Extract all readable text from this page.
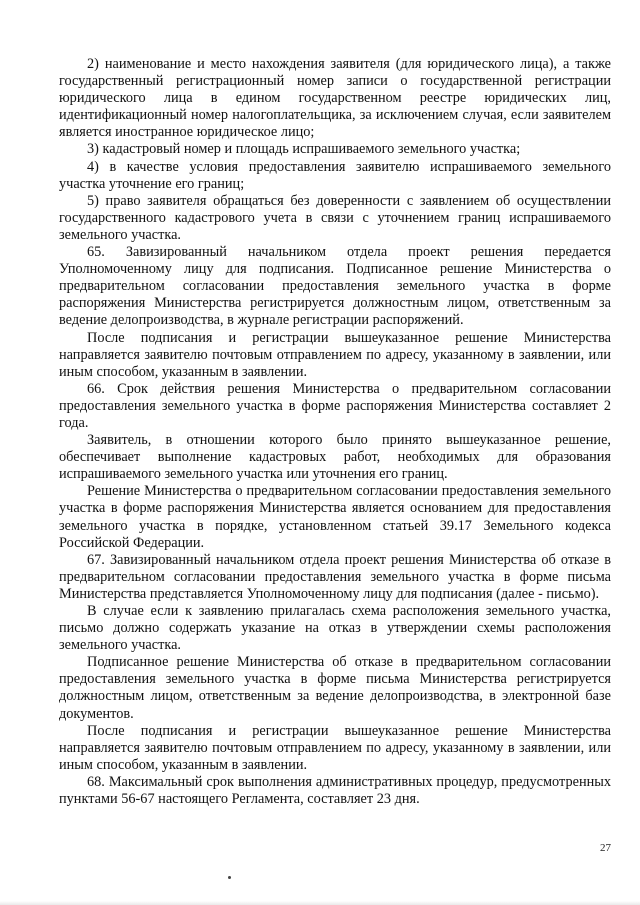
2) наименование и место нахождения заявителя (для юридического лица), а также государственный регистрационный номер записи о государственной регистрации юридического лица в едином государственном реестре юридических лиц, идентификационный номер налогоплательщика, за исключением случая, если заявителем является иностранное юридическое лицо;

3) кадастровый номер и площадь испрашиваемого земельного участка;

4) в качестве условия предоставления заявителю испрашиваемого земельного участка уточнение его границ;

5) право заявителя обращаться без доверенности с заявлением об осуществлении государственного кадастрового учета в связи с уточнением границ испрашиваемого земельного участка.

65. Завизированный начальником отдела проект решения передается Уполномоченному лицу для подписания. Подписанное решение Министерства о предварительном согласовании предоставления земельного участка в форме распоряжения Министерства регистрируется должностным лицом, ответственным за ведение делопроизводства, в журнале регистрации распоряжений.

После подписания и регистрации вышеуказанное решение Министерства направляется заявителю почтовым отправлением по адресу, указанному в заявлении, или иным способом, указанным в заявлении.

66. Срок действия решения Министерства о предварительном согласовании предоставления земельного участка в форме распоряжения Министерства составляет 2 года.

Заявитель, в отношении которого было принято вышеуказанное решение, обеспечивает выполнение кадастровых работ, необходимых для образования испрашиваемого земельного участка или уточнения его границ.

Решение Министерства о предварительном согласовании предоставления земельного участка в форме распоряжения Министерства является основанием для предоставления земельного участка в порядке, установленном статьей 39.17 Земельного кодекса Российской Федерации.

67. Завизированный начальником отдела проект решения Министерства об отказе в предварительном согласовании предоставления земельного участка в форме письма Министерства представляется Уполномоченному лицу для подписания (далее - письмо).

В случае если к заявлению прилагалась схема расположения земельного участка, письмо должно содержать указание на отказ в утверждении схемы расположения земельного участка.

Подписанное решение Министерства об отказе в предварительном согласовании предоставления земельного участка в форме письма Министерства регистрируется должностным лицом, ответственным за ведение делопроизводства, в электронной базе документов.

После подписания и регистрации вышеуказанное решение Министерства направляется заявителю почтовым отправлением по адресу, указанному в заявлении, или иным способом, указанным в заявлении.

68. Максимальный срок выполнения административных процедур, предусмотренных пунктами 56-67 настоящего Регламента, составляет 23 дня.

27
